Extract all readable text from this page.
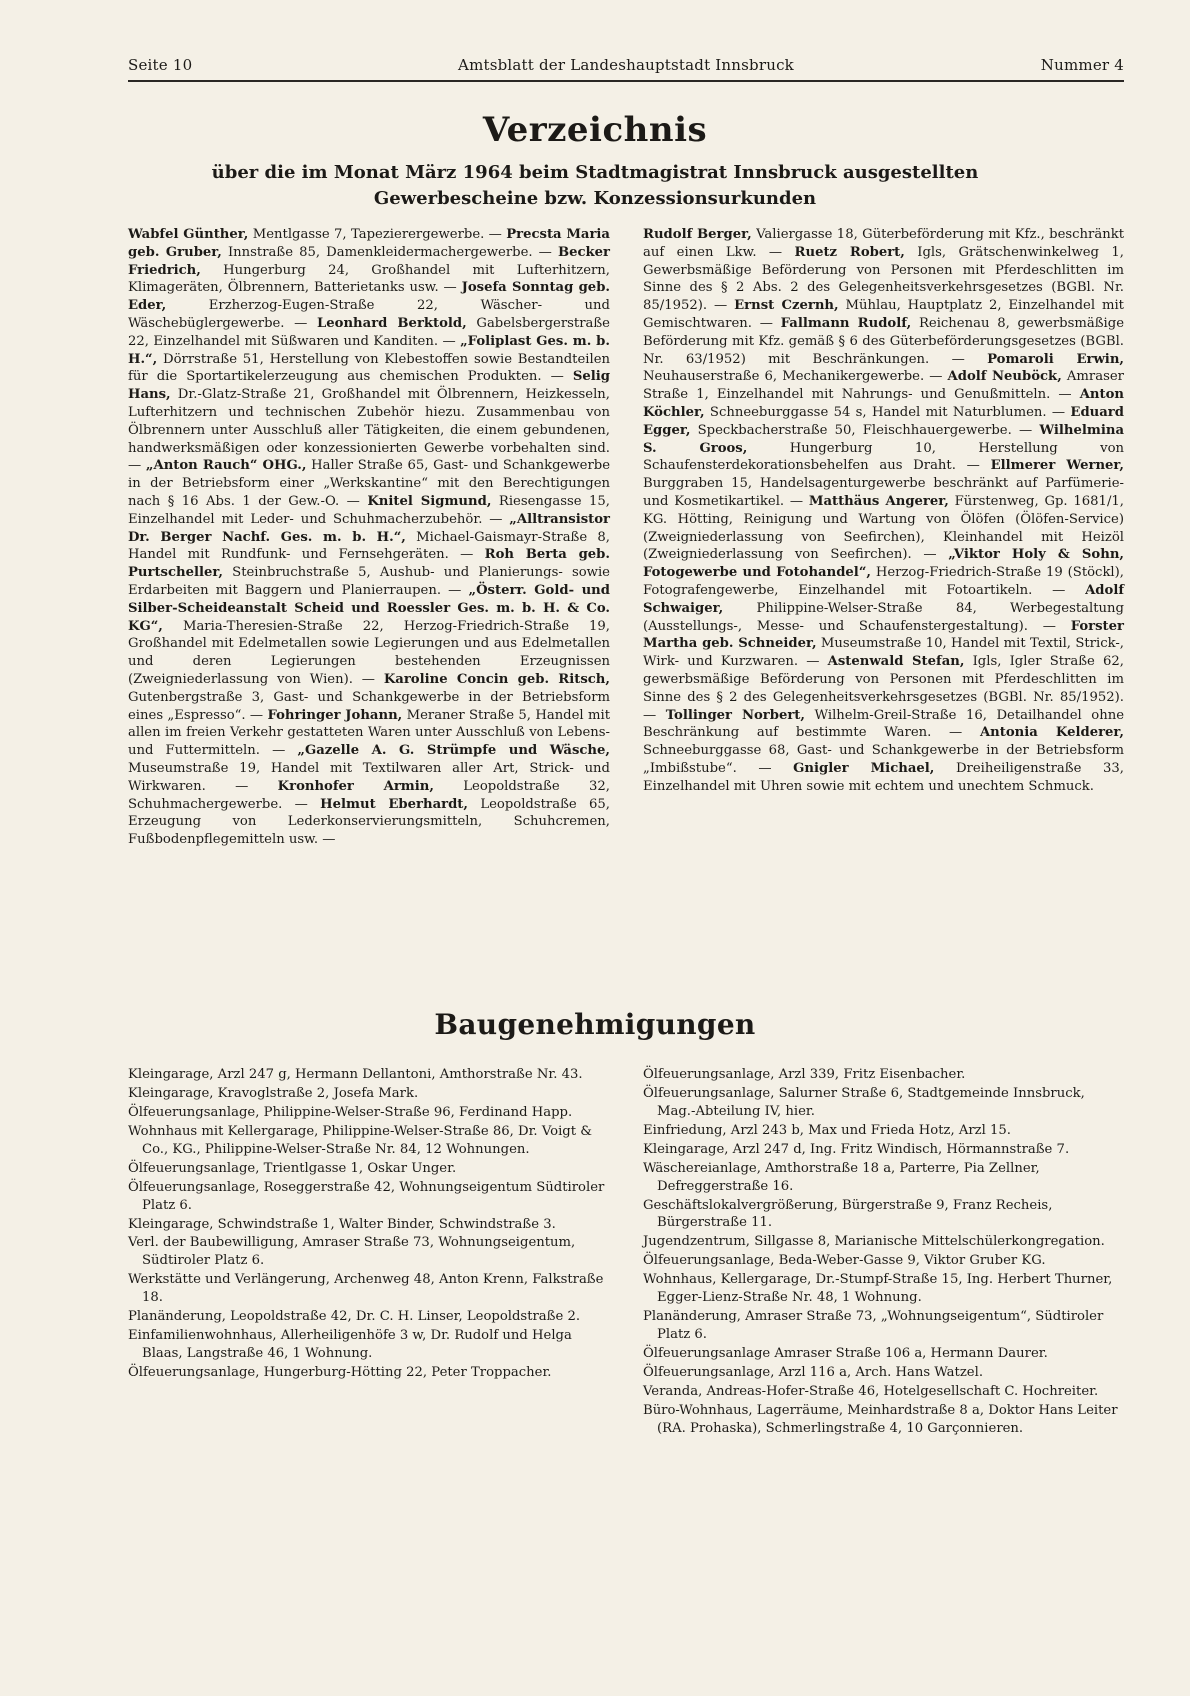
Seite 10	Amtsblatt der Landeshauptstadt Innsbruck	Nummer 4
Verzeichnis
über die im Monat März 1964 beim Stadtmagistrat Innsbruck ausgestellten Gewerbescheine bzw. Konzessionsurkunden
Wabfel Günther, Mentlgasse 7, Tapezierergewerbe. — Precsta Maria geb. Gruber, Innstraße 85, Damenkleidermachergewerbe. — Becker Friedrich, Hungerburg 24, Großhandel mit Lufterhitzern, Klimageräten, Ölbrennern, Batterietanks usw. — Josefa Sonntag geb. Eder,	Erzherzog-Eugen-Straße 22, Wäscher- und Wäschebüglergewerbe. — Leonhard Berktold, Gabelsbergerstraße 22, Einzelhandel mit Süßwaren und Kanditen. — „Foliplast Ges. m. b. H.“, Dörrstraße 51, Herstellung von Klebestoffen sowie Bestandteilen für die Sportartikelerzeugung aus chemischen Produkten. — Selig Hans, Dr.-Glatz-Straße 21, Großhandel mit Ölbrennern, Heizkesseln, Lufterhitzern und technischen Zubehör hiezu. Zusammenbau von Ölbrennern unter Ausschluß aller Tätigkeiten, die einem gebundenen, handwerksmäßigen oder konzessionierten Gewerbe vorbehalten sind. — „Anton Rauch“ OHG., Haller Straße 65, Gast- und Schankgewerbe in der Betriebsform einer „Werkskantine“ mit den Berechtigungen nach § 16 Abs. 1 der Gew.-O. — Knitel Sigmund, Riesengasse 15, Einzelhandel mit Leder- und Schuhmacherzubehör. — „Alltransistor Dr. Berger Nachf. Ges. m. b. H.“, Michael-Gaismayr-Straße 8, Handel mit Rundfunk- und Fernsehgeräten. — Roh Berta geb. Purtscheller, Steinbruchstraße 5, Aushub- und Planierungs- sowie Erdarbeiten mit Baggern und Planierraupen. — „Österr. Gold- und Silber-Scheideanstalt Scheid und Roessler Ges. m. b. H. & Co. KG“, Maria-Theresien-Straße 22, Herzog-Friedrich-Straße 19, Großhandel mit Edelmetallen sowie Legierungen und aus Edelmetallen und deren Legierungen bestehenden Erzeugnissen (Zweigniederlassung von Wien). — Karoline Concin geb. Ritsch, Gutenbergstraße 3, Gast- und Schankgewerbe in der Betriebsform eines „Espresso“. — Fohringer Johann, Meraner Straße 5, Handel mit allen im freien Verkehr gestatteten Waren unter Ausschluß von Lebens- und Futtermitteln. — „Gazelle A. G. Strümpfe und Wäsche, Museumstraße 19, Handel mit Textilwaren aller Art, Strick- und Wirkwaren. — Kronhofer Armin, Leopoldstraße 32, Schuhmachergewerbe. — Helmut Eberhardt, Leopoldstraße 65, Erzeugung von Lederkonservierungsmitteln, Schuhcremen, Fußbodenpflegemitteln usw. —
Rudolf Berger, Valiergasse 18, Güterbeförderung mit Kfz., beschränkt auf einen Lkw. — Ruetz Robert, Igls, Grätschenwinkelweg 1, Gewerbsmäßige Beförderung von Personen mit Pferdeschlitten im Sinne des § 2 Abs. 2 des Gelegenheitsverkehrsgesetzes (BGBl. Nr. 85/1952). — Ernst Czernh, Mühlau, Hauptplatz 2, Einzelhandel mit Gemischtwaren. — Fallmann Rudolf, Reichenau 8, gewerbsmäßige Beförderung mit Kfz. gemäß § 6 des Güterbeförderungsgesetzes (BGBl. Nr. 63/1952) mit Beschränkungen. — Pomaroli Erwin, Neuhauserstraße 6, Mechanikergewerbe. — Adolf Neuböck, Amraser Straße 1, Einzelhandel mit Nahrungs- und Genußmitteln. — Anton Köchler, Schneeburggasse 54 s, Handel mit Naturblumen. — Eduard Egger, Speckbacherstraße 50, Fleischhauergewerbe. — Wilhelmina S. Groos,	Hungerburg 10, Herstellung von Schaufensterdekorationsbehelfen aus Draht. — Ellmerer Werner, Burggraben 15, Handelsagenturgewerbe beschränkt auf Parfümerie- und Kosmetikartikel. — Matthäus Angerer, Fürstenweg, Gp. 1681/1, KG. Hötting, Reinigung und Wartung von Ölöfen (Ölöfen-Service) (Zweigniederlassung von Seefirchen), Kleinhandel mit Heizöl (Zweigniederlassung von Seefirchen). — „Viktor Holy & Sohn, Fotogewerbe und Fotohandel“, Herzog-Friedrich-Straße 19 (Stöckl), Fotografengewerbe, Einzelhandel mit Fotoartikeln. — Adolf Schwaiger,	Philippine-Welser-Straße 84, Werbegestaltung (Ausstellungs-, Messe- und Schaufenstergestaltung). — Forster Martha geb. Schneider, Museumstraße 10, Handel mit Textil, Strick-, Wirk- und Kurzwaren. — Astenwald Stefan, Igls, Igler Straße 62, gewerbsmäßige Beförderung von Personen mit Pferdeschlitten im Sinne des § 2 des Gelegenheitsverkehrsgesetzes (BGBl. Nr. 85/1952). — Tollinger Norbert, Wilhelm-Greil-Straße 16, Detailhandel ohne Beschränkung auf bestimmte Waren. — Antonia Kelderer, Schneeburggasse 68, Gast- und Schankgewerbe in der Betriebsform „Imbißstube“. — Gnigler Michael, Dreiheiligenstraße 33, Einzelhandel mit Uhren sowie mit echtem und unechtem Schmuck.
Baugenehmigungen
Kleingarage, Arzl 247 g, Hermann Dellantoni, Amthorstraße Nr. 43.
Kleingarage, Kravoglstraße 2, Josefa Mark.
Ölfeuerungsanlage, Philippine-Welser-Straße 96, Ferdinand Happ.
Wohnhaus mit Kellergarage, Philippine-Welser-Straße 86, Dr. Voigt & Co., KG., Philippine-Welser-Straße Nr. 84, 12 Wohnungen.
Ölfeuerungsanlage, Trientlgasse 1, Oskar Unger.
Ölfeuerungsanlage, Roseggerstraße 42, Wohnungseigentum Südtiroler Platz 6.
Kleingarage, Schwindstraße 1, Walter Binder, Schwindstraße 3.
Verl. der Baubewilligung, Amraser Straße 73, Wohnungseigentum, Südtiroler Platz 6.
Werkstätte und Verlängerung, Archenweg 48, Anton Krenn, Falkstraße 18.
Planänderung, Leopoldstraße 42, Dr. C. H. Linser, Leopoldstraße 2.
Einfamilienwohnhaus, Allerheiligenhöfe 3 w, Dr. Rudolf und Helga Blaas, Langstraße 46, 1 Wohnung.
Ölfeuerungsanlage, Hungerburg-Hötting 22, Peter Troppacher.
Ölfeuerungsanlage, Arzl 339, Fritz Eisenbacher.
Ölfeuerungsanlage, Salurner Straße 6, Stadtgemeinde Innsbruck, Mag.-Abteilung IV, hier.
Einfriedung, Arzl 243 b, Max und Frieda Hotz, Arzl 15.
Kleingarage, Arzl 247 d, Ing. Fritz Windisch, Hörmannstraße 7.
Wäschereianlage, Amthorstraße 18 a, Parterre, Pia Zellner, Defreggerstraße 16.
Geschäftslokalvergrößerung, Bürgerstraße 9, Franz Recheis, Bürgerstraße 11.
Jugendzentrum, Sillgasse 8, Marianische Mittelschülerkongregation.
Ölfeuerungsanlage, Beda-Weber-Gasse 9, Viktor Gruber KG.
Wohnhaus, Kellergarage, Dr.-Stumpf-Straße 15, Ing. Herbert Thurner, Egger-Lienz-Straße Nr. 48, 1 Wohnung.
Planänderung, Amraser Straße 73, „Wohnungseigentum“, Südtiroler Platz 6.
Ölfeuerungsanlage Amraser Straße 106 a, Hermann Daurer.
Ölfeuerungsanlage, Arzl 116 a, Arch. Hans Watzel.
Veranda, Andreas-Hofer-Straße 46, Hotelgesellschaft C. Hochreiter.
Büro-Wohnhaus, Lagerräume, Meinhardstraße 8 a, Doktor Hans Leiter (RA. Prohaska), Schmerlingstraße 4, 10 Garçonnieren.
